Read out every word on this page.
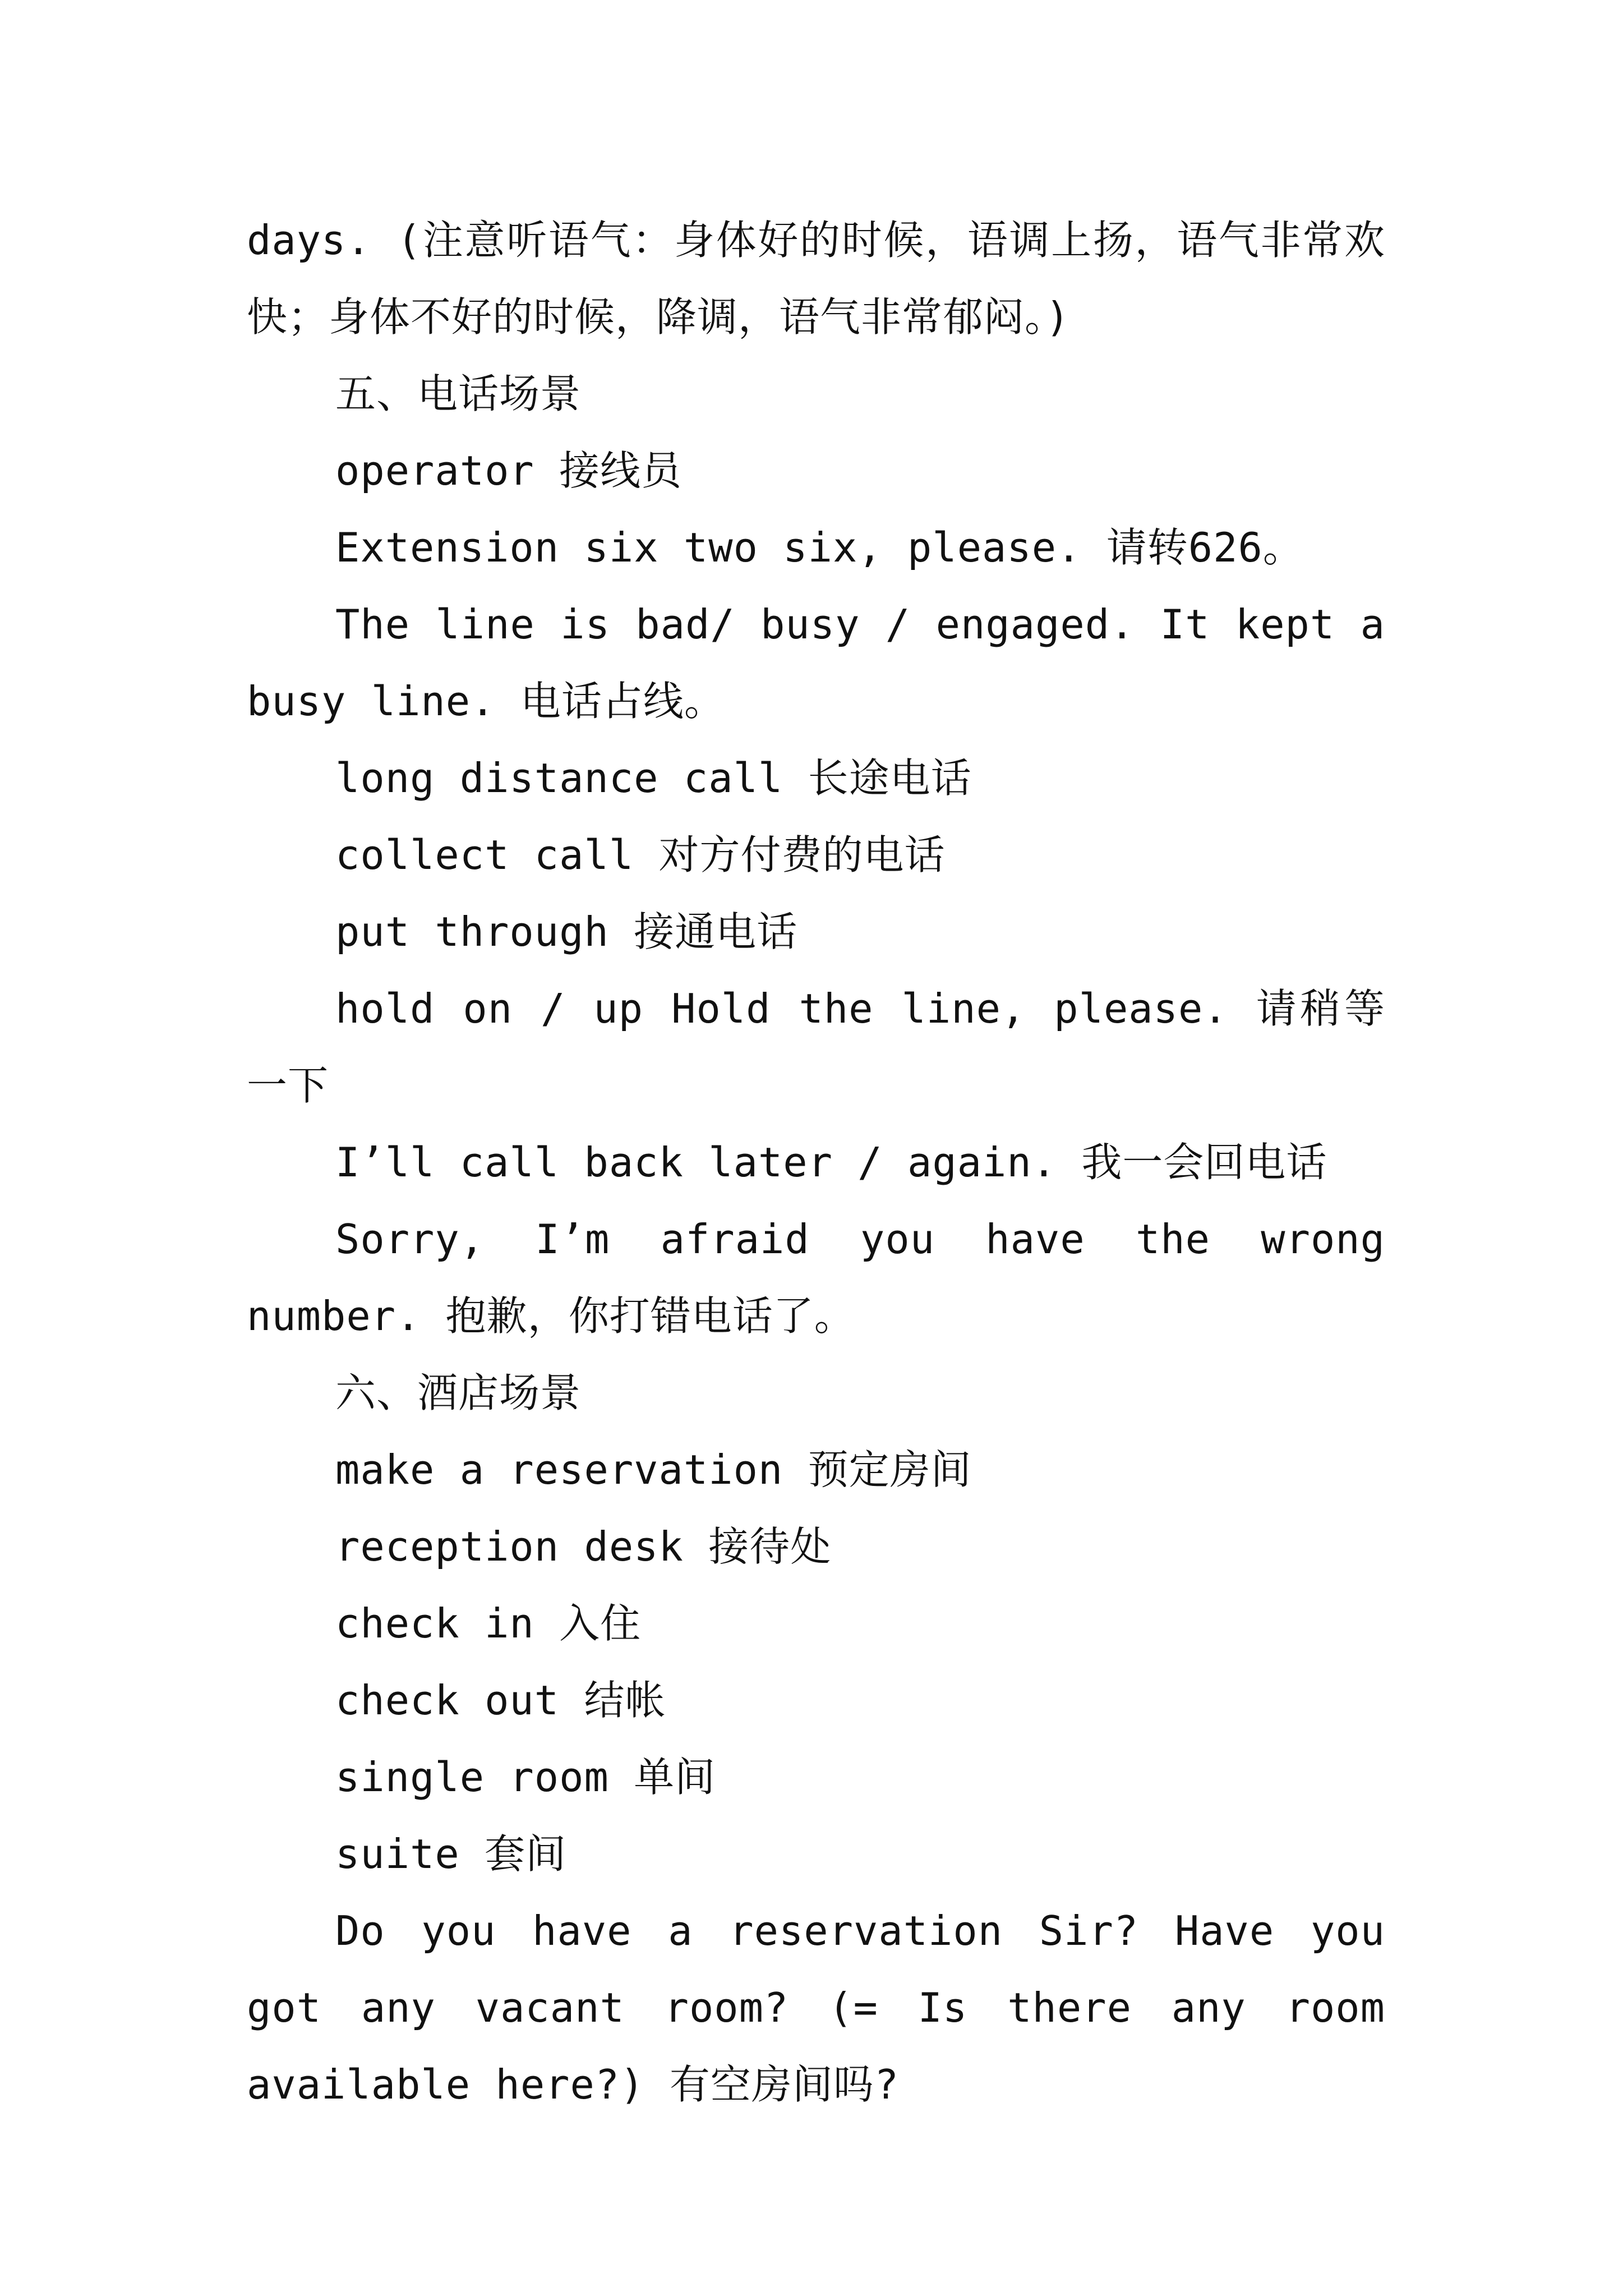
days. (注意听语气：身体好的时候，语调上扬，语气非常欢快；身体不好的时候，降调，语气非常郁闷。)

五、电话场景

operator 接线员

Extension six two six, please. 请转626。

The line is bad/ busy / engaged. It kept a busy line. 电话占线。

long distance call 长途电话

collect call 对方付费的电话

put through 接通电话

hold on / up Hold the line, please. 请稍等一下

I’ll call back later / again. 我一会回电话

Sorry, I’m afraid you have the wrong number. 抱歉，你打错电话了。

六、酒店场景

make a reservation 预定房间

reception desk 接待处

check in 入住

check out 结帐

single room 单间

suite 套间

Do you have a reservation Sir? Have you got any vacant room? (= Is there any room available here?) 有空房间吗?
